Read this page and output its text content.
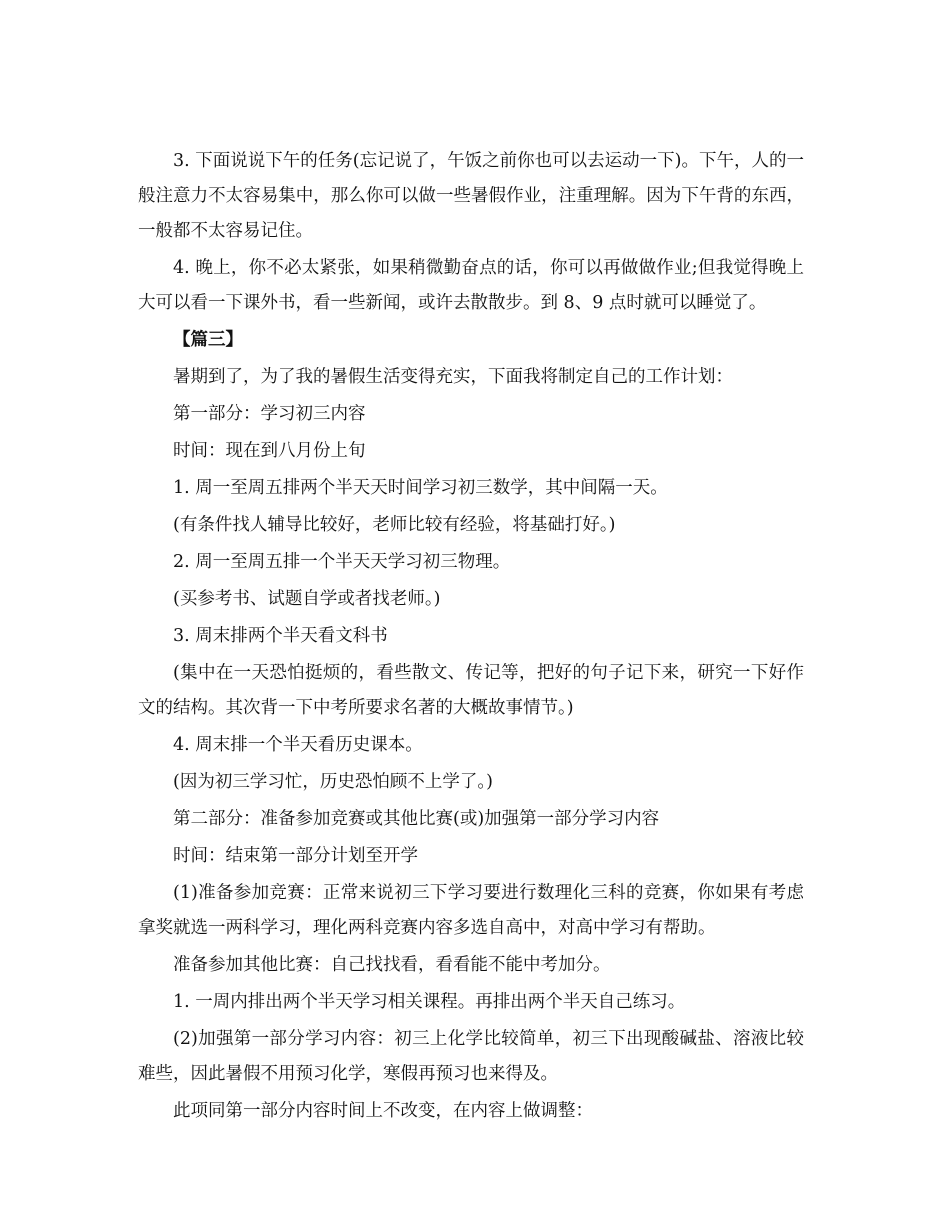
3. 下面说说下午的任务(忘记说了，午饭之前你也可以去运动一下)。下午，人的一般注意力不太容易集中，那么你可以做一些暑假作业，注重理解。因为下午背的东西，一般都不太容易记住。

4. 晚上，你不必太紧张，如果稍微勤奋点的话，你可以再做做作业;但我觉得晚上大可以看一下课外书，看一些新闻，或许去散散步。到 8、9 点时就可以睡觉了。

【篇三】

暑期到了，为了我的暑假生活变得充实，下面我将制定自己的工作计划：

第一部分：学习初三内容

时间：现在到八月份上旬

1. 周一至周五排两个半天天时间学习初三数学，其中间隔一天。

(有条件找人辅导比较好，老师比较有经验，将基础打好。)

2. 周一至周五排一个半天天学习初三物理。

(买参考书、试题自学或者找老师。)

3. 周末排两个半天看文科书

(集中在一天恐怕挺烦的，看些散文、传记等，把好的句子记下来，研究一下好作文的结构。其次背一下中考所要求名著的大概故事情节。)

4. 周末排一个半天看历史课本。

(因为初三学习忙，历史恐怕顾不上学了。)

第二部分：准备参加竞赛或其他比赛(或)加强第一部分学习内容

时间：结束第一部分计划至开学

(1)准备参加竞赛：正常来说初三下学习要进行数理化三科的竞赛，你如果有考虑拿奖就选一两科学习，理化两科竞赛内容多选自高中，对高中学习有帮助。

准备参加其他比赛：自己找找看，看看能不能中考加分。

1. 一周内排出两个半天学习相关课程。再排出两个半天自己练习。

(2)加强第一部分学习内容：初三上化学比较简单，初三下出现酸碱盐、溶液比较难些，因此暑假不用预习化学，寒假再预习也来得及。

此项同第一部分内容时间上不改变，在内容上做调整：
